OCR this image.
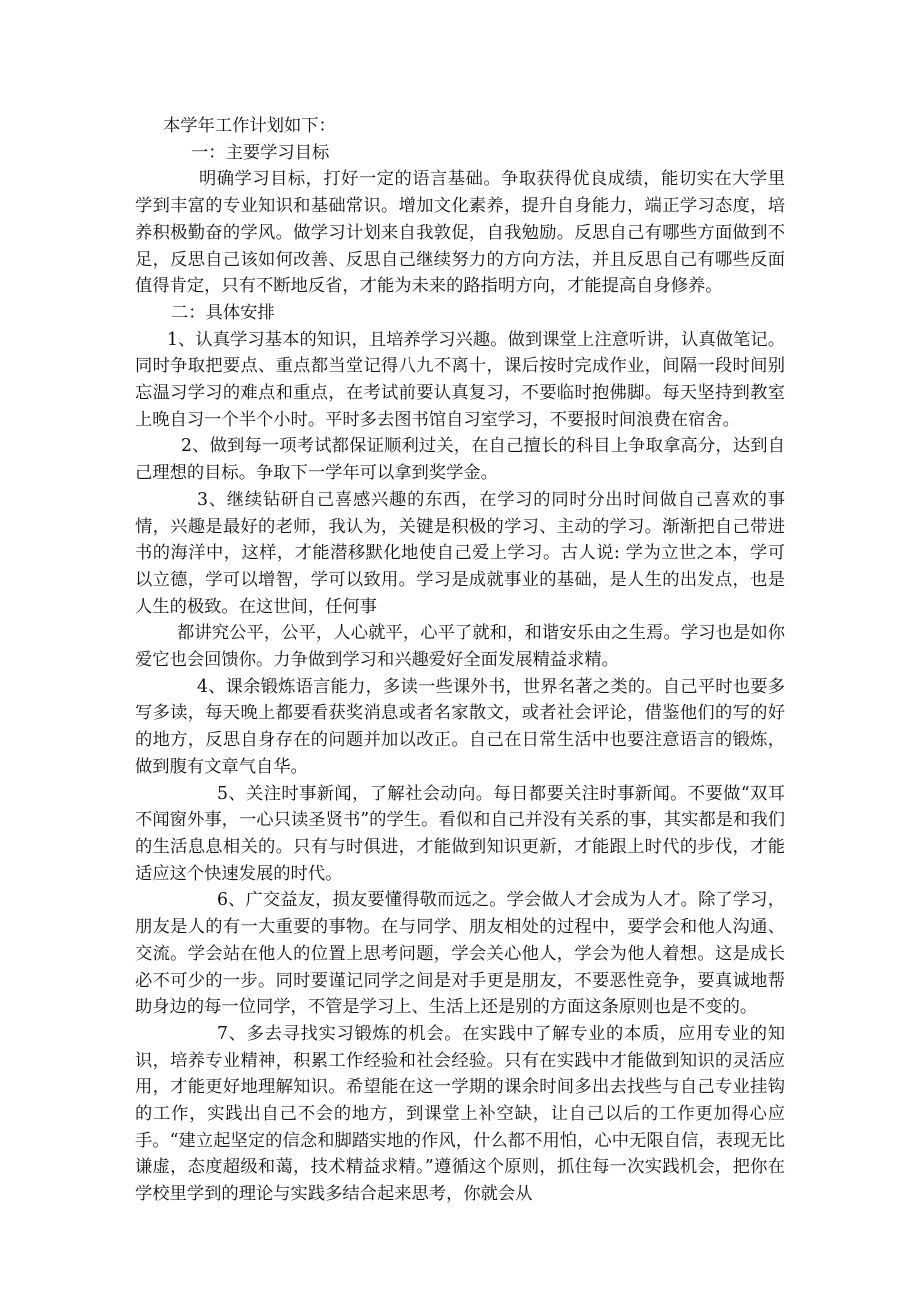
本学年工作计划如下：

一：主要学习目标

明确学习目标，打好一定的语言基础。争取获得优良成绩，能切实在大学里学到丰富的专业知识和基础常识。增加文化素养，提升自身能力，端正学习态度，培养积极勤奋的学风。做学习计划来自我敦促，自我勉励。反思自己有哪些方面做到不足，反思自己该如何改善、反思自己继续努力的方向方法，并且反思自己有哪些反面值得肯定，只有不断地反省，才能为未来的路指明方向，才能提高自身修养。

二：具体安排

1、认真学习基本的知识，且培养学习兴趣。做到课堂上注意听讲，认真做笔记。同时争取把要点、重点都当堂记得八九不离十，课后按时完成作业，间隔一段时间别忘温习学习的难点和重点，在考试前要认真复习，不要临时抱佛脚。每天坚持到教室上晚自习一个半个小时。平时多去图书馆自习室学习，不要报时间浪费在宿舍。

2、做到每一项考试都保证顺利过关，在自己擅长的科目上争取拿高分，达到自己理想的目标。争取下一学年可以拿到奖学金。

3、继续钻研自己喜感兴趣的东西，在学习的同时分出时间做自己喜欢的事情，兴趣是最好的老师，我认为，关键是积极的学习、主动的学习。渐渐把自己带进书的海洋中，这样，才能潜移默化地使自己爱上学习。古人说: 学为立世之本，学可以立德，学可以增智，学可以致用。学习是成就事业的基础，是人生的出发点，也是人生的极致。在这世间，任何事

都讲究公平，公平，人心就平，心平了就和，和谐安乐由之生焉。学习也是如你爱它也会回馈你。力争做到学习和兴趣爱好全面发展精益求精。

4、课余锻炼语言能力，多读一些课外书，世界名著之类的。自己平时也要多写多读，每天晚上都要看获奖消息或者名家散文，或者社会评论，借鉴他们的写的好的地方，反思自身存在的问题并加以改正。自己在日常生活中也要注意语言的锻炼，做到腹有文章气自华。

5、关注时事新闻，了解社会动向。每日都要关注时事新闻。不要做“双耳不闻窗外事，一心只读圣贤书”的学生。看似和自己并没有关系的事，其实都是和我们的生活息息相关的。只有与时俱进，才能做到知识更新，才能跟上时代的步伐，才能适应这个快速发展的时代。

6、广交益友，损友要懂得敬而远之。学会做人才会成为人才。除了学习，朋友是人的有一大重要的事物。在与同学、朋友相处的过程中，要学会和他人沟通、交流。学会站在他人的位置上思考问题，学会关心他人，学会为他人着想。这是成长必不可少的一步。同时要谨记同学之间是对手更是朋友，不要恶性竞争，要真诚地帮助身边的每一位同学，不管是学习上、生活上还是别的方面这条原则也是不变的。

7、多去寻找实习锻炼的机会。在实践中了解专业的本质，应用专业的知识，培养专业精神，积累工作经验和社会经验。只有在实践中才能做到知识的灵活应用，才能更好地理解知识。希望能在这一学期的课余时间多出去找些与自己专业挂钩的工作，实践出自己不会的地方，到课堂上补空缺，让自己以后的工作更加得心应手。“建立起坚定的信念和脚踏实地的作风，什么都不用怕，心中无限自信，表现无比谦虚，态度超级和蔼，技术精益求精。”遵循这个原则，抓住每一次实践机会，把你在学校里学到的理论与实践多结合起来思考，你就会从
